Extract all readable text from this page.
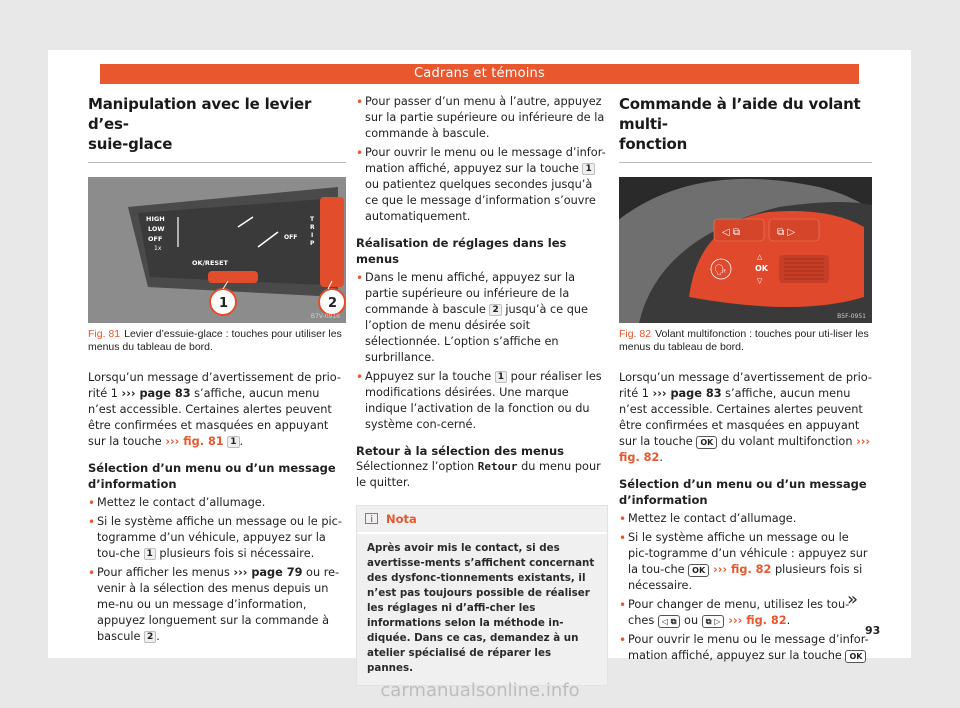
Cadrans et témoins
Manipulation avec le levier d’es-
suie-glace
HIGH
LOW
OFF
1x
OK/RESET
OFF
T
R
I
P
1	2
B7V-0916

Fig. 81 Levier d’essuie-glace : touches pour utiliser les menus du tableau de bord.

Lorsqu’un message d’avertissement de prio-rité 1 ››› page 83 s’affiche, aucun menu n’est accessible. Certaines alertes peuvent être confirmées et masquées en appuyant sur la touche ››› fig. 81 1 .

Sélection d’un menu ou d’un message d’information

• Mettez le contact d’allumage.
• Si le système affiche un message ou le pic-togramme d’un véhicule, appuyez sur la tou-che 1 plusieurs fois si nécessaire.
• Pour afficher les menus ››› page 79 ou re-venir à la sélection des menus depuis un me-nu ou un message d’information, appuyez longuement sur la commande à bascule 2 .
• Pour passer d’un menu à l’autre, appuyez sur la partie supérieure ou inférieure de la commande à bascule.
• Pour ouvrir le menu ou le message d’infor-mation affiché, appuyez sur la touche 1 ou patientez quelques secondes jusqu’à ce que le message d’information s’ouvre automatiquement.

Réalisation de réglages dans les menus

• Dans le menu affiché, appuyez sur la partie supérieure ou inférieure de la commande à bascule 2 jusqu’à ce que l’option de menu désirée soit sélectionnée. L’option s’affiche en surbrillance.
• Appuyez sur la touche 1 pour réaliser les modifications désirées. Une marque indique l’activation de la fonction ou du système con-cerné.

Retour à la sélection des menus

Sélectionnez l’option Retour du menu pour le quitter.

Nota
Après avoir mis le contact, si des avertisse-ments s’affichent concernant des dysfonc-tionnements existants, il n’est pas toujours possible de réaliser les réglages ni d’affi-cher les informations selon la méthode in-diquée. Dans ce cas, demandez à un atelier spécialisé de réparer les pannes.
Commande à l’aide du volant multi-
fonction
◁ ⧉	⧉ ▷
🗣
△
OK
▽
B5F-0951

Fig. 82 Volant multifonction : touches pour uti-liser les menus du tableau de bord.

Lorsqu’un message d’avertissement de prio-rité 1 ››› page 83 s’affiche, aucun menu n’est accessible. Certaines alertes peuvent être confirmées et masquées en appuyant sur la touche OK du volant multifonction ››› fig. 82.

Sélection d’un menu ou d’un message d’information

• Mettez le contact d’allumage.
• Si le système affiche un message ou le pic-togramme d’un véhicule : appuyez sur la tou-che OK ››› fig. 82 plusieurs fois si nécessaire.
• Pour changer de menu, utilisez les tou-ches ◁ ⧉ ou ⧉ ▷ ››› fig. 82.
• Pour ouvrir le menu ou le message d’infor-mation affiché, appuyez sur la touche OK
»
93
carmanualsonline.info
